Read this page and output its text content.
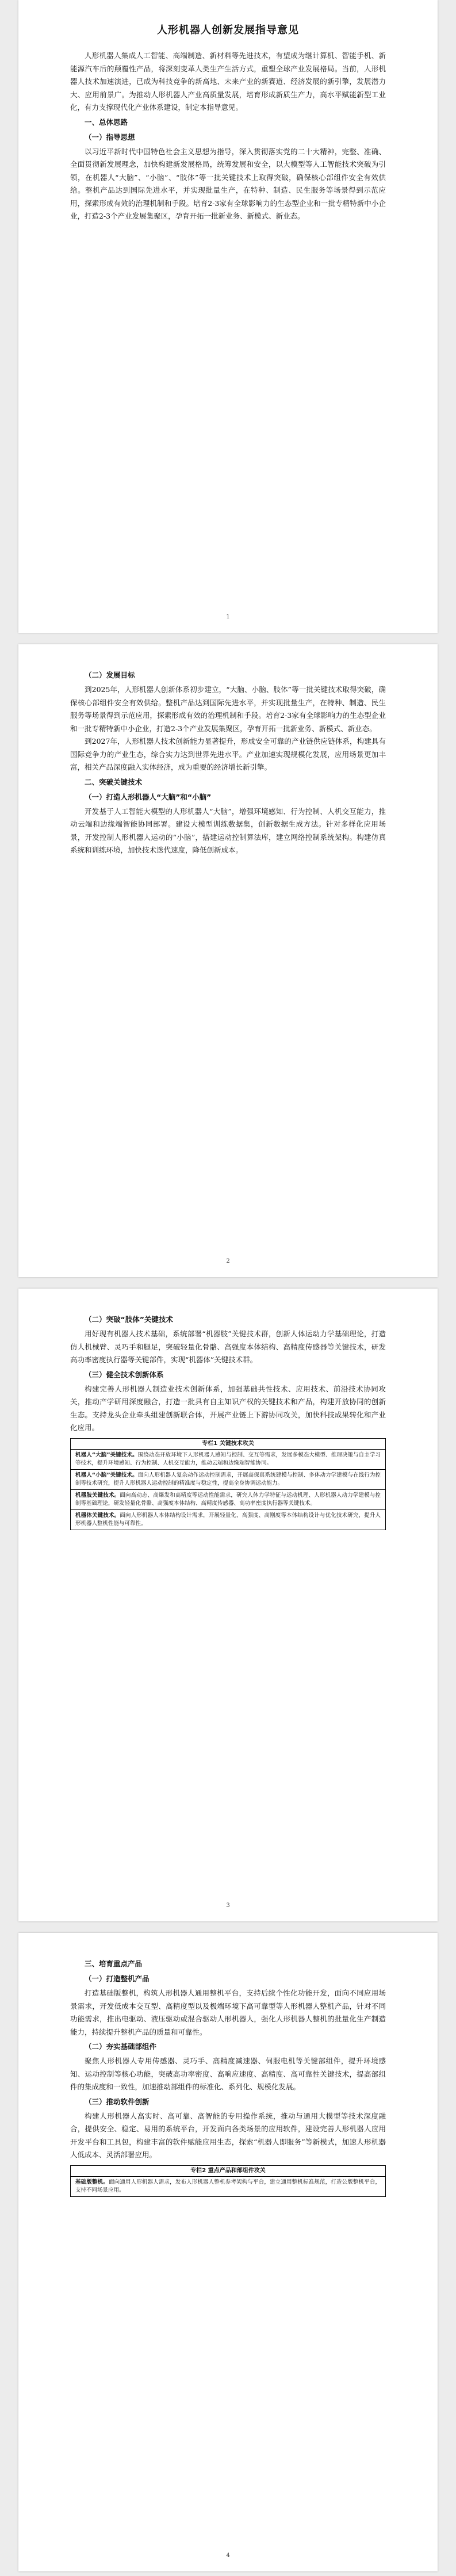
人形机器人创新发展指导意见

人形机器人集成人工智能、高端制造、新材料等先进技术，有望成为继计算机、智能手机、新能源汽车后的颠覆性产品，将深刻变革人类生产生活方式，重塑全球产业发展格局。当前，人形机器人技术加速演进，已成为科技竞争的新高地、未来产业的新赛道、经济发展的新引擎，发展潜力大、应用前景广。为推动人形机器人产业高质量发展，培育形成新质生产力，高水平赋能新型工业化，有力支撑现代化产业体系建设，制定本指导意见。

一、总体思路

（一）指导思想

以习近平新时代中国特色社会主义思想为指导，深入贯彻落实党的二十大精神，完整、准确、全面贯彻新发展理念，加快构建新发展格局，统筹发展和安全，以大模型等人工智能技术突破为引领，在机器人“大脑”、“小脑”、“肢体”等一批关键技术上取得突破，确保核心部组件安全有效供给。整机产品达到国际先进水平，并实现批量生产，在特种、制造、民生服务等场景得到示范应用，探索形成有效的治理机制和手段。培育2-3家有全球影响力的生态型企业和一批专精特新中小企业，打造2-3个产业发展集聚区，孕育开拓一批新业务、新模式、新业态。

1

（二）发展目标

到2025年，人形机器人创新体系初步建立，“大脑、小脑、肢体”等一批关键技术取得突破，确保核心部组件安全有效供给。整机产品达到国际先进水平，并实现批量生产，在特种、制造、民生服务等场景得到示范应用，探索形成有效的治理机制和手段。培育2-3家有全球影响力的生态型企业和一批专精特新中小企业，打造2-3个产业发展集聚区，孕育开拓一批新业务、新模式、新业态。

到2027年，人形机器人技术创新能力显著提升，形成安全可靠的产业链供应链体系，构建具有国际竞争力的产业生态，综合实力达到世界先进水平。产业加速实现规模化发展，应用场景更加丰富，相关产品深度融入实体经济，成为重要的经济增长新引擎。

二、突破关键技术

（一）打造人形机器人“大脑”和“小脑”

开发基于人工智能大模型的人形机器人“大脑”，增强环境感知、行为控制、人机交互能力，推动云端和边缘端智能协同部署。建设大模型训练数据集，创新数据生成方法。针对多样化应用场景，开发控制人形机器人运动的“小脑”，搭建运动控制算法库，建立网络控制系统架构。构建仿真系统和训练环境，加快技术迭代速度，降低创新成本。

2

（二）突破“肢体”关键技术

用好现有机器人技术基础，系统部署“机器肢”关键技术群，创新人体运动力学基础理论，打造仿人机械臂、灵巧手和腿足，突破轻量化骨骼、高强度本体结构、高精度传感器等关键技术，研发高功率密度执行器等关键部件，实现“机器体”关键技术群。

（三）健全技术创新体系

构建完善人形机器人制造业技术创新体系，加强基础共性技术、应用技术、前沿技术协同攻关，推动产学研用深度融合，打造一批具有自主知识产权的关键技术和产品，构建开放协同的创新生态。支持龙头企业牵头组建创新联合体，开展产业链上下游协同攻关，加快科技成果转化和产业化应用。

专栏1 关键技术攻关
机器人“大脑”关键技术。围绕动态开放环境下人形机器人感知与控制、交互等需求，发展多模态大模型、推理决策与自主学习等技术，提升环境感知、行为控制、人机交互能力，推动云端和边缘端智能协同。
机器人“小脑”关键技术。面向人形机器人复杂动作运动控制需求，开展高保真系统建模与控制、多体动力学建模与在线行为控制等技术研究，提升人形机器人运动控制的精准度与稳定性，提高全身协调运动能力。
机器肢关键技术。面向高动态、高爆发和高精度等运动性能需求，研究人体力学特征与运动机理、人形机器人动力学建模与控制等基础理论，研发轻量化骨骼、高强度本体结构、高精度传感器、高功率密度执行器等关键技术。
机器体关键技术。面向人形机器人本体结构设计需求，开展轻量化、高强度、高刚度等本体结构设计与优化技术研究，提升人形机器人整机性能与可靠性。
3

三、培育重点产品

（一）打造整机产品

打造基础版整机，构筑人形机器人通用整机平台，支持后续个性化功能开发，面向不同应用场景需求，开发低成本交互型、高精度型以及极端环境下高可靠型等人形机器人整机产品，针对不同功能需求，推出电驱动、液压驱动或混合驱动人形机器人，强化人形机器人整机的批量化生产制造能力，持续提升整机产品的质量和可靠性。

（二）夯实基础部组件

聚焦人形机器人专用传感器、灵巧手、高精度减速器、伺服电机等关键部组件，提升环境感知、运动控制等核心功能，突破高功率密度、高响应速度、高精度、高可靠性关键技术，提高部组件的集成度和一致性，加速推动部组件的标准化、系列化、规模化发展。

（三）推动软件创新

构建人形机器人高实时、高可靠、高智能的专用操作系统，推动与通用大模型等技术深度融合，提供安全、稳定、易用的系统平台，开发面向各类场景的应用软件，建设完善人形机器人应用开发平台和工具包，构建丰富的软件赋能应用生态，探索“机器人即服务”等新模式，加速人形机器人低成本、灵活部署应用。

专栏2 重点产品和部组件攻关
基础版整机。面向通用人形机器人需求，发布人形机器人整机参考架构与平台，建立通用整机标准规范，打造公版整机平台，支持不同场景应用。
4
